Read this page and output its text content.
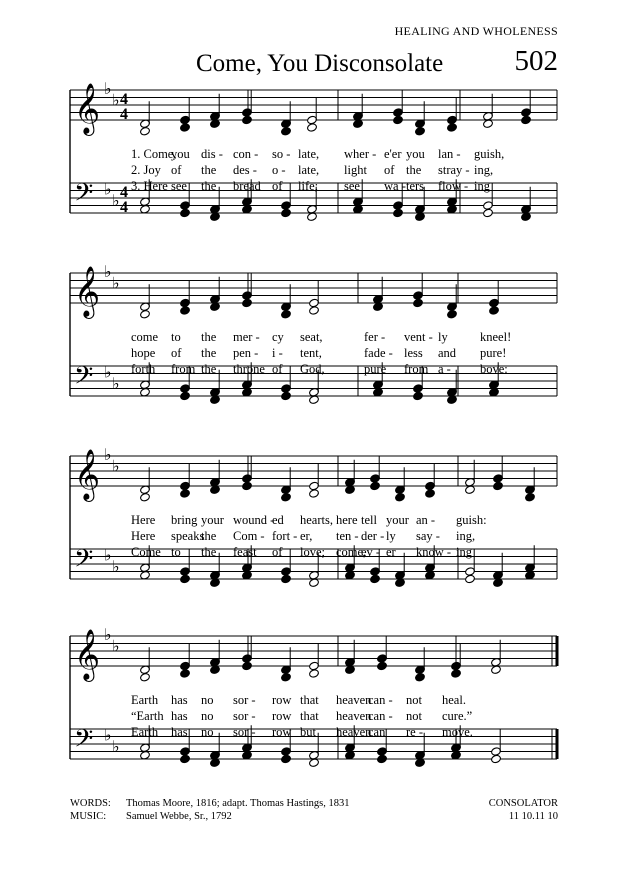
HEALING AND WHOLENESS
Come, You Disconsolate 502
𝄞 ♭
♭ 4
4
𝄢 ♭
♭ 4
4
𝄞 ♭
♭
𝄢 ♭
♭
𝄞 ♭
♭
𝄢 ♭
♭
𝄞 ♭
♭
𝄢 ♭
♭
1. Come,
you dis - con - so - late, wher - e'er you lan - guish,
2. Joy of the des - o - late, light of the stray - ing,
3. Here see the bread of life; see wa - ters flow - ing
come to the mer - cy seat,	fer - vent - ly	kneel!
hope of the pen - i - tent,	fade - less and pure!
forth from the throne of God,	pure from a - bove:
Here bring your wound -
ed hearts, here tell your an - guish:
Here speaks
the Com - fort - er, ten - der - ly say - ing,
Come to the feast of love; come,
ev - er know - ing
Earth has no sor - row that heaven
can - not heal.
“Earth has no sor - row that heaven
can - not cure.”
Earth has no sor - row but heaven
can re - move.
WORDS: Thomas Moore, 1816; adapt. Thomas Hastings, 1831
MUSIC: Samuel Webbe, Sr., 1792
CONSOLATOR
11 10.11 10
